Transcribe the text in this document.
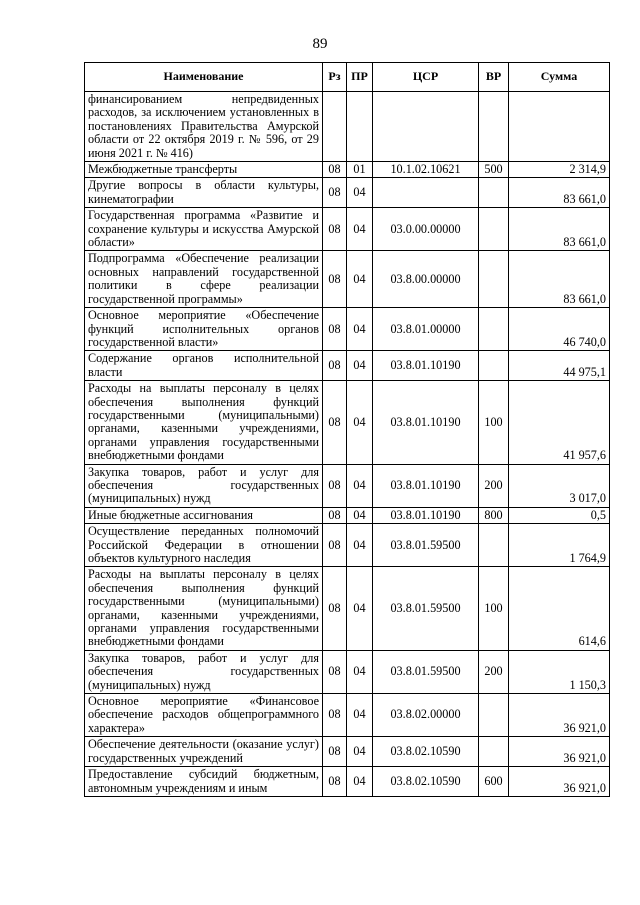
89
Наименование	Рз	ПР	ЦСР	ВР	Сумма
финансированием непредвиденных расходов, за исключением установленных в постановлениях Правительства Амурской области от 22 октября 2019 г. № 596, от 29 июня 2021 г. № 416)					
Межбюджетные трансферты	08	01	10.1.02.10621	500	2 314,9
Другие вопросы в области культуры, кинематографии	08	04			83 661,0
Государственная программа «Развитие и сохранение культуры и искусства Амурской области»	08	04	03.0.00.00000		83 661,0
Подпрограмма «Обеспечение реализации основных направлений государственной политики в сфере реализации государственной программы»	08	04	03.8.00.00000		83 661,0
Основное мероприятие «Обеспечение функций исполнительных органов государственной власти»	08	04	03.8.01.00000		46 740,0
Содержание органов исполнительной власти	08	04	03.8.01.10190		44 975,1
Расходы на выплаты персоналу в целях обеспечения выполнения функций государственными (муниципальными) органами, казенными учреждениями, органами управления государственными внебюджетными фондами	08	04	03.8.01.10190	100	41 957,6
Закупка товаров, работ и услуг для обеспечения государственных (муниципальных) нужд	08	04	03.8.01.10190	200	3 017,0
Иные бюджетные ассигнования	08	04	03.8.01.10190	800	0,5
Осуществление переданных полномочий Российской Федерации в отношении объектов культурного наследия	08	04	03.8.01.59500		1 764,9
Расходы на выплаты персоналу в целях обеспечения выполнения функций государственными (муниципальными) органами, казенными учреждениями, органами управления государственными внебюджетными фондами	08	04	03.8.01.59500	100	614,6
Закупка товаров, работ и услуг для обеспечения государственных (муниципальных) нужд	08	04	03.8.01.59500	200	1 150,3
Основное мероприятие «Финансовое обеспечение расходов общепрограммного характера»	08	04	03.8.02.00000		36 921,0
Обеспечение деятельности (оказание услуг) государственных учреждений	08	04	03.8.02.10590		36 921,0
Предоставление субсидий бюджетным, автономным учреждениям и иным	08	04	03.8.02.10590	600	36 921,0
